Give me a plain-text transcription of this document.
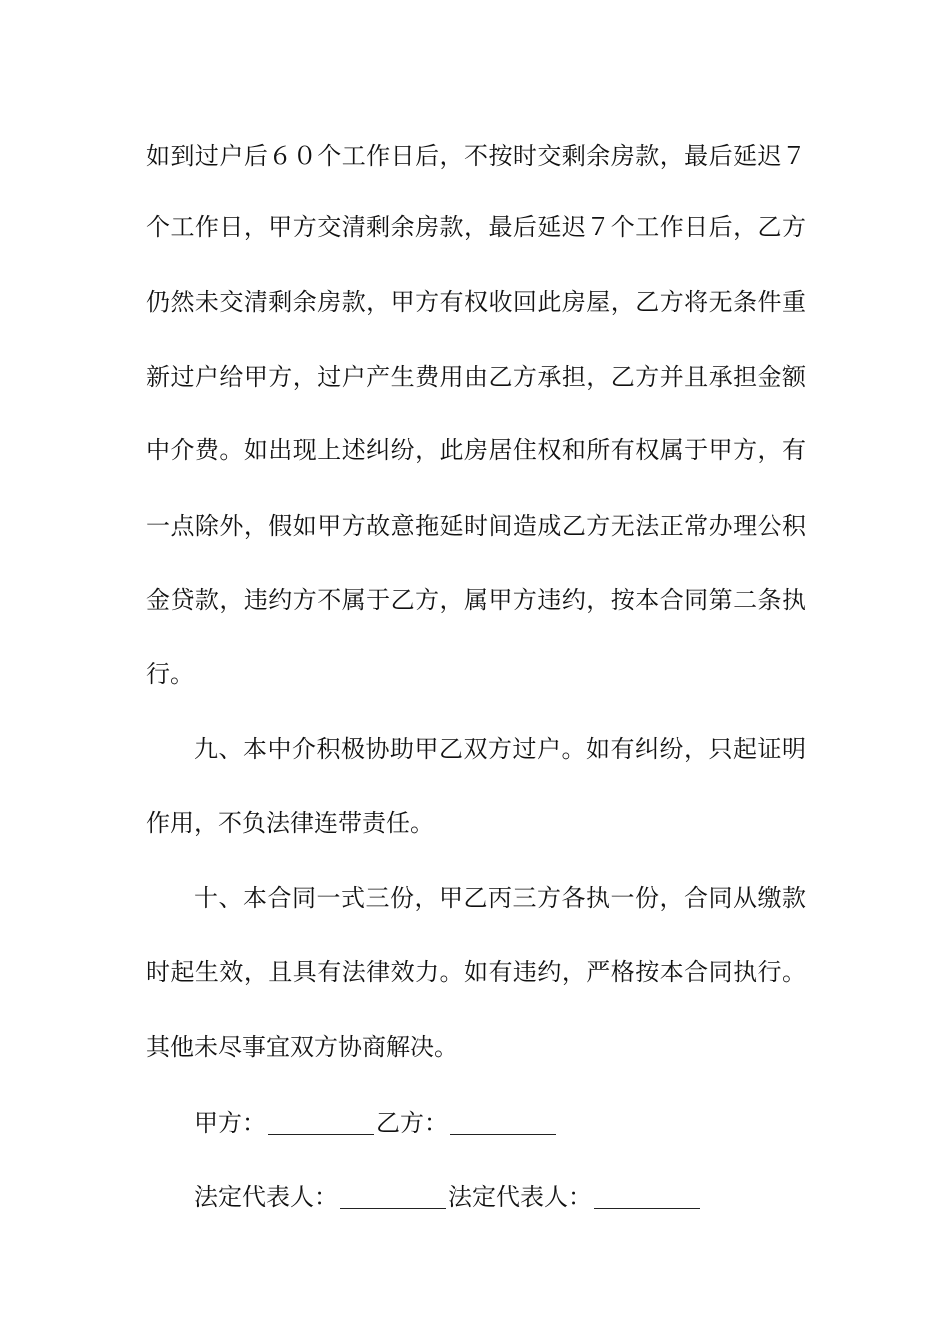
如到过户后６０个工作日后，不按时交剩余房款，最后延迟７
个工作日，甲方交清剩余房款，最后延迟７个工作日后，乙方
仍然未交清剩余房款，甲方有权收回此房屋，乙方将无条件重
新过户给甲方，过户产生费用由乙方承担，乙方并且承担金额
中介费。如出现上述纠纷，此房居住权和所有权属于甲方，有
一点除外，假如甲方故意拖延时间造成乙方无法正常办理公积
金贷款，违约方不属于乙方，属甲方违约，按本合同第二条执
行。
九、本中介积极协助甲乙双方过户。如有纠纷，只起证明
作用，不负法律连带责任。
十、本合同一式三份，甲乙丙三方各执一份，合同从缴款
时起生效，且具有法律效力。如有违约，严格按本合同执行。
其他未尽事宜双方协商解决。
甲方：	乙方：
法定代表人：	法定代表人：
